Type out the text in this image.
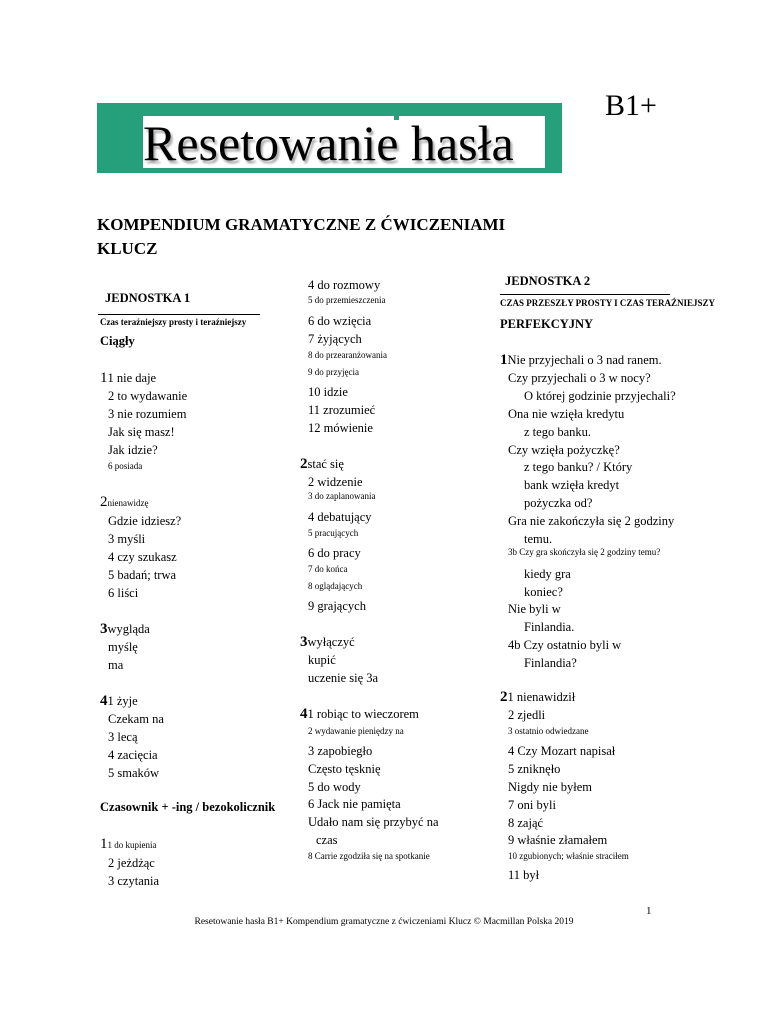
Resetowanie hasła
B1+
KOMPENDIUM GRAMATYCZNE Z ĆWICZENIAMI KLUCZ
JEDNOSTKA 1
Czas teraźniejszy prosty i teraźniejszy
Ciągły
11 nie daje
2 to wydawanie
3 nie rozumiem
Jak się masz!
Jak idzie?
6 posiada
2nienawidzę
Gdzie idziesz?
3 myśli
4 czy szukasz
5 badań; trwa
6 liści
3wygląda
myślę
ma
41 żyje
Czekam na
3 lecą
4 zacięcia
5 smaków
Czasownik + -ing / bezokolicznik
11 do kupienia
2 jeżdżąc
3 czytania
4 do rozmowy
5 do przemieszczenia
6 do wzięcia
7 żyjących
8 do przearanżowania
9 do przyjęcia
10 idzie
11 zrozumieć
12 mówienie
2stać się
2 widzenie
3 do zaplanowania
4 debatujący
5 pracujących
6 do pracy
7 do końca
8 oglądających
9 grających
3wyłączyć
kupić
uczenie się 3a
41 robiąc to wieczorem
2 wydawanie pieniędzy na
3 zapobiegło
Często tęsknię
5 do wody
6 Jack nie pamięta
Udało nam się przybyć na
czas
8 Carrie zgodziła się na spotkanie
JEDNOSTKA 2
CZAS PRZESZŁY PROSTY I CZAS TERAŹNIEJSZY
PERFEKCYJNY
1Nie przyjechali o 3 nad ranem.
Czy przyjechali o 3 w nocy?
O której godzinie przyjechali?
Ona nie wzięła kredytu
z tego banku.
Czy wzięła pożyczkę?
z tego banku? / Który
bank wzięła kredyt
pożyczka od?
Gra nie zakończyła się 2 godziny
temu.
3b Czy gra skończyła się 2 godziny temu?
kiedy gra
koniec?
Nie byli w
Finlandia.
4b Czy ostatnio byli w
Finlandia?
21 nienawidził
2 zjedli
3 ostatnio odwiedzane
4 Czy Mozart napisał
5 zniknęło
Nigdy nie byłem
7 oni byli
8 zająć
9 właśnie złamałem
10 zgubionych; właśnie straciłem
11 był
1
Resetowanie hasła B1+ Kompendium gramatyczne z ćwiczeniami Klucz © Macmillan Polska 2019
